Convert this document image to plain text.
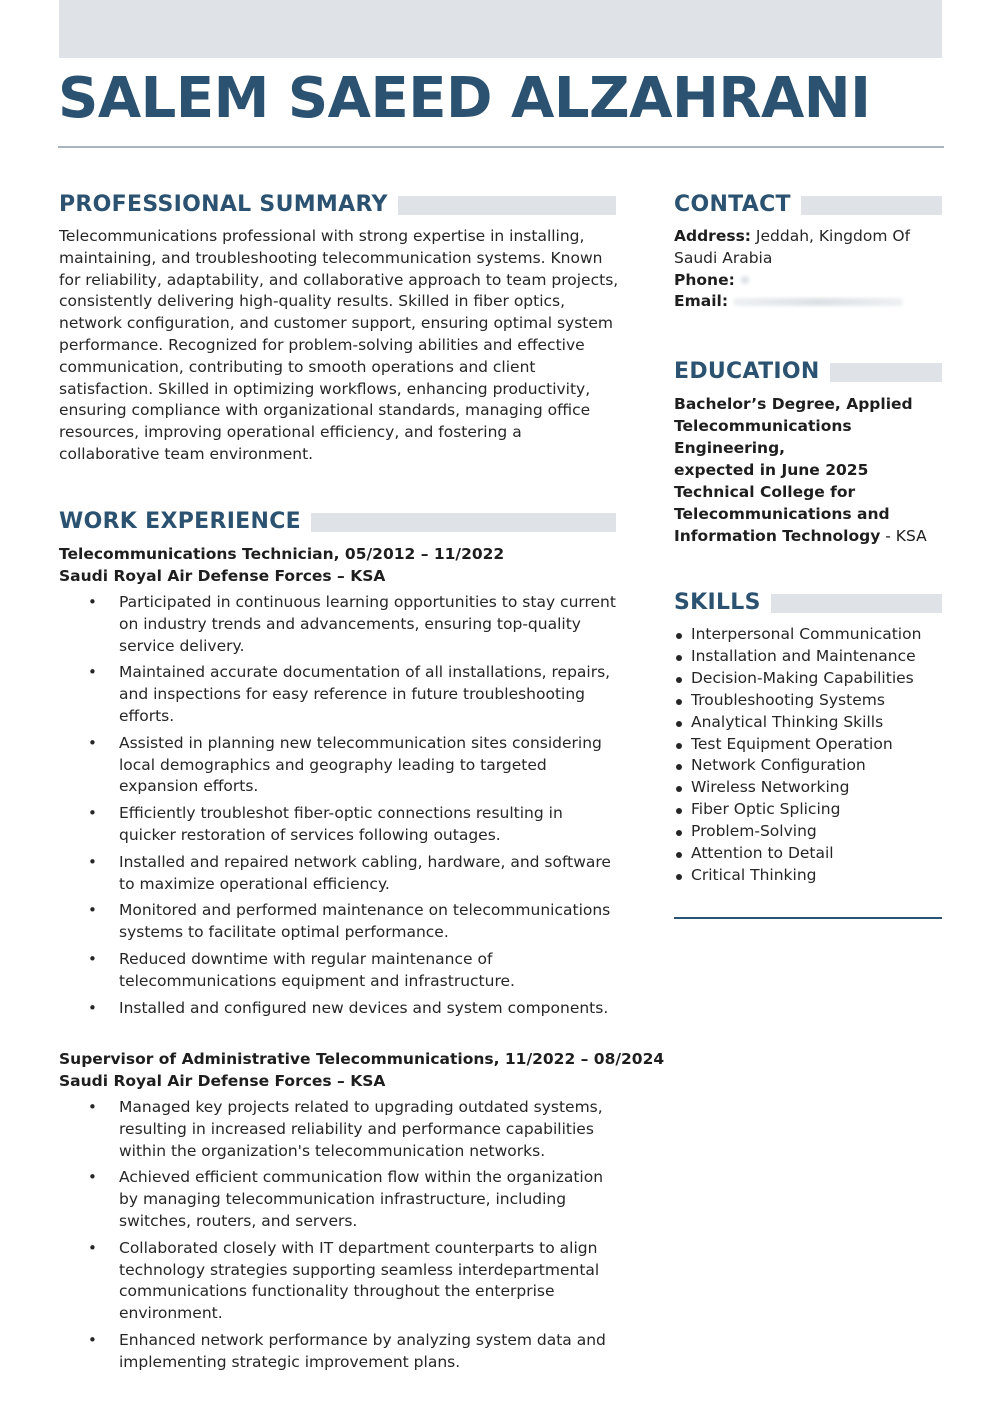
SALEM SAEED ALZAHRANI
PROFESSIONAL SUMMARY

Telecommunications professional with strong expertise in installing,
maintaining, and troubleshooting telecommunication systems. Known
for reliability, adaptability, and collaborative approach to team projects,
consistently delivering high-quality results. Skilled in fiber optics,
network configuration, and customer support, ensuring optimal system
performance. Recognized for problem-solving abilities and effective
communication, contributing to smooth operations and client
satisfaction. Skilled in optimizing workflows, enhancing productivity,
ensuring compliance with organizational standards, managing office
resources, improving operational efficiency, and fostering a
collaborative team environment.

WORK EXPERIENCE
Telecommunications Technician, 05/2012 – 11/2022
Saudi Royal Air Defense Forces – KSA
• Participated in continuous learning opportunities to stay current
on industry trends and advancements, ensuring top-quality
service delivery.
• Maintained accurate documentation of all installations, repairs,
and inspections for easy reference in future troubleshooting
efforts.
• Assisted in planning new telecommunication sites considering
local demographics and geography leading to targeted
expansion efforts.
• Efficiently troubleshot fiber-optic connections resulting in
quicker restoration of services following outages.
• Installed and repaired network cabling, hardware, and software
to maximize operational efficiency.
• Monitored and performed maintenance on telecommunications
systems to facilitate optimal performance.
• Reduced downtime with regular maintenance of
telecommunications equipment and infrastructure.
• Installed and configured new devices and system components.
Supervisor of Administrative Telecommunications, 11/2022 – 08/2024
Saudi Royal Air Defense Forces – KSA
• Managed key projects related to upgrading outdated systems,
resulting in increased reliability and performance capabilities
within the organization's telecommunication networks.
• Achieved efficient communication flow within the organization
by managing telecommunication infrastructure, including
switches, routers, and servers.
• Collaborated closely with IT department counterparts to align
technology strategies supporting seamless interdepartmental
communications functionality throughout the enterprise
environment.
• Enhanced network performance by analyzing system data and
implementing strategic improvement plans.
CONTACT
Address: Jeddah, Kingdom Of
Saudi Arabia
Phone:
Email:
EDUCATION
Bachelor’s Degree, Applied
Telecommunications Engineering,
expected in June 2025
Technical College for
Telecommunications and
Information Technology - KSA
SKILLS
Interpersonal Communication
Installation and Maintenance
Decision-Making Capabilities
Troubleshooting Systems
Analytical Thinking Skills
Test Equipment Operation
Network Configuration
Wireless Networking
Fiber Optic Splicing
Problem-Solving
Attention to Detail
Critical Thinking
